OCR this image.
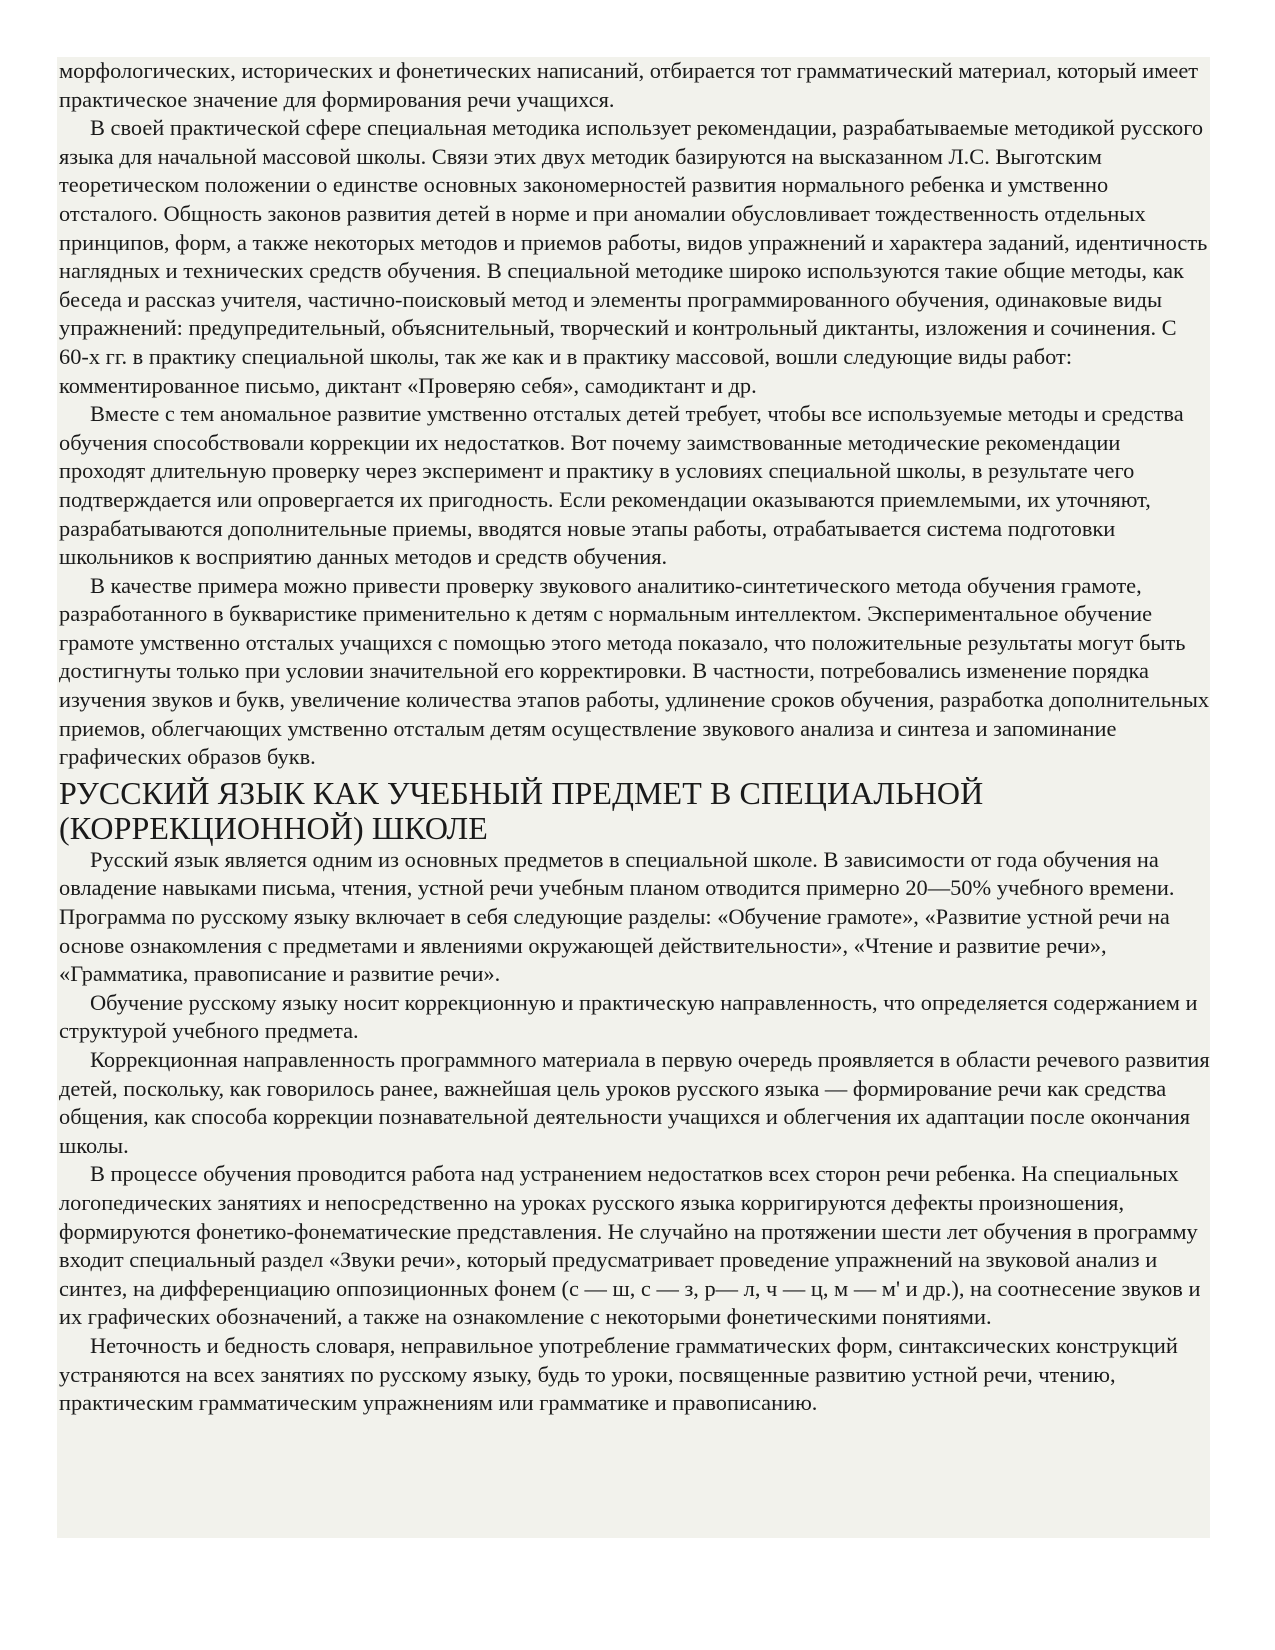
морфологических, исторических и фонетических написаний, отбирается тот грамматический материал, который имеет практическое значение для формирования речи учащихся.

В своей практической сфере специальная методика использует рекомендации, разрабатываемые методикой русского языка для начальной массовой школы. Связи этих двух методик базируются на высказанном Л.С. Выготским теоретическом положении о единстве основных закономерностей развития нормального ребенка и умственно отсталого. Общность законов развития детей в норме и при аномалии обусловливает тождественность отдельных принципов, форм, а также некоторых методов и приемов работы, видов упражнений и характера заданий, идентичность наглядных и технических средств обучения. В специальной методике широко используются такие общие методы, как беседа и рассказ учителя, частично-поисковый метод и элементы программированного обучения, одинаковые виды упражнений: предупредительный, объяснительный, творческий и контрольный диктанты, изложения и сочинения. С 60-х гг. в практику специальной школы, так же как и в практику массовой, вошли следующие виды работ: комментированное письмо, диктант «Проверяю себя», самодиктант и др.

Вместе с тем аномальное развитие умственно отсталых детей требует, чтобы все используемые методы и средства обучения способствовали коррекции их недостатков. Вот почему заимствованные методические рекомендации проходят длительную проверку через эксперимент и практику в условиях специальной школы, в результате чего подтверждается или опровергается их пригодность. Если рекомендации оказываются приемлемыми, их уточняют, разрабатываются дополнительные приемы, вводятся новые этапы работы, отрабатывается система подготовки школьников к восприятию данных методов и средств обучения.

В качестве примера можно привести проверку звукового аналитико-синтетического метода обучения грамоте, разработанного в букваристике применительно к детям с нормальным интеллектом. Экспериментальное обучение грамоте умственно отсталых учащихся с помощью этого метода показало, что положительные результаты могут быть достигнуты только при условии значительной его корректировки. В частности, потребовались изменение порядка изучения звуков и букв, увеличение количества этапов работы, удлинение сроков обучения, разработка дополнительных приемов, облегчающих умственно отсталым детям осуществление звукового анализа и синтеза и запоминание графических образов букв.

РУССКИЙ ЯЗЫК КАК УЧЕБНЫЙ ПРЕДМЕТ В СПЕЦИАЛЬНОЙ
(КОРРЕКЦИОННОЙ) ШКОЛЕ

Русский язык является одним из основных предметов в специальной школе. В зависимости от года обучения на овладение навыками письма, чтения, устной речи учебным планом отводится примерно 20—50% учебного времени. Программа по русскому языку включает в себя следующие разделы: «Обучение грамоте», «Развитие устной речи на основе ознакомления с предметами и явлениями окружающей действительности», «Чтение и развитие речи», «Грамматика, правописание и развитие речи».

Обучение русскому языку носит коррекционную и практическую направленность, что определяется содержанием и структурой учебного предмета.

Коррекционная направленность программного материала в первую очередь проявляется в области речевого развития детей, поскольку, как говорилось ранее, важнейшая цель уроков русского языка — формирование речи как средства общения, как способа коррекции познавательной деятельности учащихся и облегчения их адаптации после окончания школы.

В процессе обучения проводится работа над устранением недостатков всех сторон речи ребенка. На специальных логопедических занятиях и непосредственно на уроках русского языка корригируются дефекты произношения, формируются фонетико-фонематические представления. Не случайно на протяжении шести лет обучения в программу входит специальный раздел «Звуки речи», который предусматривает проведение упражнений на звуковой анализ и синтез, на дифференциацию оппозиционных фонем (с — ш, с — з, р— л, ч — ц, м — м' и др.), на соотнесение звуков и их графических обозначений, а также на ознакомление с некоторыми фонетическими понятиями.

Неточность и бедность словаря, неправильное употребление грамматических форм, синтаксических конструкций устраняются на всех занятиях по русскому языку, будь то уроки, посвященные развитию устной речи, чтению, практическим грамматическим упражнениям или грамматике и правописанию.
